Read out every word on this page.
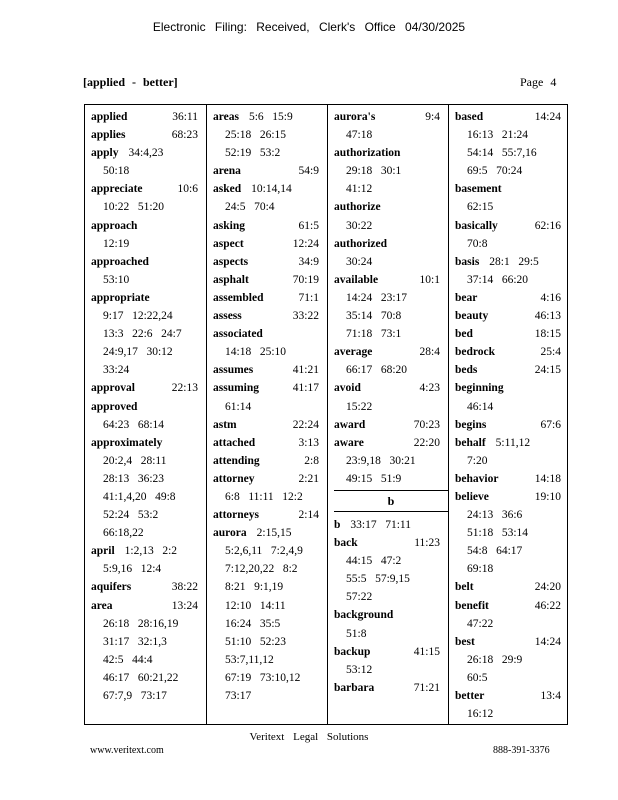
Electronic Filing: Received, Clerk's Office 04/30/2025
[applied - better]	Page 4
applied	36:11
applies	68:23
apply 34:4,23
50:18
appreciate	10:6
10:22   51:20
approach
12:19
approached
53:10
appropriate
9:17   12:22,24
13:3   22:6   24:7
24:9,17   30:12
33:24
approval	22:13
approved
64:23   68:14
approximately
20:2,4   28:11
28:13   36:23
41:1,4,20   49:8
52:24   53:2
66:18,22
april 1:2,13   2:2
5:9,16   12:4
aquifers	38:22
area	13:24
26:18   28:16,19
31:17   32:1,3
42:5   44:4
46:17   60:21,22
67:7,9   73:17
areas 5:6   15:9
25:18   26:15
52:19   53:2
arena	54:9
asked 10:14,14
24:5   70:4
asking	61:5
aspect	12:24
aspects	34:9
asphalt	70:19
assembled	71:1
assess	33:22
associated
14:18   25:10
assumes	41:21
assuming	41:17
61:14
astm	22:24
attached	3:13
attending	2:8
attorney	2:21
6:8   11:11   12:2
attorneys	2:14
aurora 2:15,15
5:2,6,11   7:2,4,9
7:12,20,22   8:2
8:21   9:1,19
12:10   14:11
16:24   35:5
51:10   52:23
53:7,11,12
67:19   73:10,12
73:17
aurora's	9:4
47:18
authorization
29:18   30:1
41:12
authorize
30:22
authorized
30:24
available	10:1
14:24   23:17
35:14   70:8
71:18   73:1
average	28:4
66:17   68:20
avoid	4:23
15:22
award	70:23
aware	22:20
23:9,18   30:21
49:15   51:9
b
b 33:17   71:11
back	11:23
44:15   47:2
55:5   57:9,15
57:22
background
51:8
backup	41:15
53:12
barbara	71:21
based	14:24
16:13   21:24
54:14   55:7,16
69:5   70:24
basement
62:15
basically	62:16
70:8
basis 28:1   29:5
37:14   66:20
bear	4:16
beauty	46:13
bed	18:15
bedrock	25:4
beds	24:15
beginning
46:14
begins	67:6
behalf 5:11,12
7:20
behavior	14:18
believe	19:10
24:13   36:6
51:18   53:14
54:8   64:17
69:18
belt	24:20
benefit	46:22
47:22
best	14:24
26:18   29:9
60:5
better	13:4
16:12
Veritext Legal Solutions
www.veritext.com	888-391-3376
